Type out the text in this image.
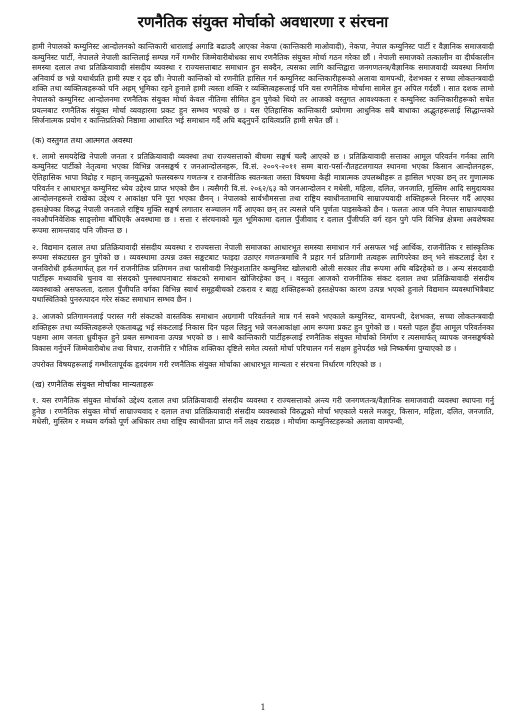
रणनैतिक संयुक्त मोर्चाको अवधारणा र संरचना

हामी नेपालको कम्युनिस्ट आन्दोलनको कान्तिकारी धारालाई अगाडि बढाउदै आएका नेकपा (कान्तिकारी माओवादी), नेकपा, नेपाल कम्युनिस्ट पार्टी र वैज्ञानिक समाजवादी कम्युनिस्ट पार्टी, नेपालले नेपाली कान्तिलाई सम्पन्न गर्ने गम्भीर जिम्मेवारीबोधका साथ रणनैतिक संयुक्त मोर्चा गठन गरेका छौं । नेपाली समाजको तत्कालीन वा दीर्घकालीन समस्या दलाल तथा प्रतिक्रियावादी संसदीय व्यवस्था र राज्यसत्ताबाट समाधान हुन सक्दैन, त्यसका लागि कान्तिद्वारा जनगणतन्त्र/वैज्ञानिक समाजवादी व्यवस्था निर्माण अनिवार्य छ भन्ने यथार्थप्रति हामी स्पष्ट र दृढ छौं। नेपाली कान्तिको यो रणनीति हासिल गर्न कम्युनिस्ट कान्तिकारीहरूको अलावा वामपन्थी, देशभक्त र सच्चा लोकतन्त्रवादी शक्ति तथा व्यक्तित्वहरूको पनि अहम् भूमिका रहने हुनाले हामी त्यस्ता शक्ति र व्यक्तित्वहरूलाई पनि यस रणनैतिक मोर्चामा सामेल हुन अपिल गर्दछौं । सात दशक लामो नेपालको कम्युनिस्ट आन्दोलनमा रणनैतिक संयुक्त मोर्चा केवल नीतिमा सीमित हुन पुगेको थियो तर आजको वस्तुगत आवश्यकता र कम्युनिस्ट कान्तिकारीहरूको सचेत प्रयत्नबाट रणनैतिक संयुक्त मोर्चा व्यवहारमा प्रकट हुन सम्भव भएको छ । यस ऐतिहासिक कान्तिकारी प्रयोगमा आधुनिक सबै बाधाका अद्भुतहरूलाई सिद्धान्तको सिर्जनात्मक प्रयोग र कान्तिप्रतिको निष्ठामा आधारित भई समाधान गर्दै अघि बढ्नुपर्ने दायित्वप्रति हामी सचेत छौं ।

(क) वस्तुगत तथा आत्मगत अवस्था

१. लामो समयदेखि नेपाली जनता र प्रतिक्रियावादी व्यवस्था तथा राज्यसत्ताको बीचमा सङ्घर्ष चल्दै आएको छ । प्रतिक्रियावादी सत्ताका आमूल परिवर्तन गर्नका लागि कम्युनिस्ट पार्टीको नेतृत्वमा भएका विभिन्न जनसङ्घर्ष र जनआन्दोलनहरू, वि.सं. २००९-२०११ सम्म बारा-पर्सा-रौतहटलगायत स्थानमा भएका किसान आन्दोलनहरू, ऐतिहासिक भापा विद्रोह र महान् जनयुद्धको फलस्वरूप गणतन्त्र र राजनीतिक स्वतन्त्रता जस्ता विषयमा केही मात्रात्मक उपलब्धीहरू त हासिल भएका छन् तर गुणात्मक परिवर्तन र आधारभूत कम्युनिस्ट ध्येय उद्देश्य प्राप्त भएको छैन । त्यसैगरी वि.सं. २०६२/६३ को जनआन्दोलन र मधेसी, महिला, दलित, जनजाति, मुस्लिम आदि समुदायका आन्दोलनहरूले राखेका उद्देश्य र आकांक्षा पनि पूरा भएका छैनन् । नेपालको सार्वभौमसत्ता तथा राष्ट्रिय स्वाधीनतामाथि साम्राज्यवादी शक्तिहरूले निरन्तर गर्दै आएका हस्तक्षेपका विरुद्ध नेपाली जनताले राष्ट्रिय मुक्ति सङ्घर्ष लगातार सञ्चालन गर्दै आएका छन् तर त्यसले पनि पूर्णता पाइसकेको छैन । फलतः आज पनि नेपाल साम्राज्यवादी नवऔपनिवेशिक साङ्लोमा बाँधिएकै अवस्थामा छ । सत्ता र संरचनाको मूल भूमिकामा दलाल पुँजीवाद र दलाल पुँजीपति वर्ग रहन पुगे पनि विभिन्न क्षेत्रमा अवशेषका रूपमा सामन्तवाद पनि जीवन्त छ ।

२. विद्यमान दलाल तथा प्रतिक्रियावादी संसदीय व्यवस्था र राज्यसत्ता नेपाली समाजका आधारभूत समस्या समाधान गर्न असफल भई आर्थिक, राजनीतिक र सांस्कृतिक रूपमा संकटग्रस्त हुन पुगेको छ । व्यवस्थामा उत्पन्न उक्त सङ्कटबाट फाइदा उठाएर गणतन्त्रमाथि नै प्रहार गर्न प्रतिगामी तत्वहरू लागिपरेका छन् भने संकटलाई देश र जनविरोधी हर्कतमार्फत् हल गर्न राजनीतिक प्रतिगमन तथा फासीवादी निरंकुशतातिर कम्युनिस्ट खोलधारी ओली सरकार तीव्र रूपमा अघि बढिरहेको छ । अन्य संसदवादी पार्टीहरू मध्यावधि चुनाव वा संसदको पुनस्थापनाबाट संकटको समाधान खोजिरहेका छन् । वस्तुतः आजको राजनीतिक संकट दलाल तथा प्रतिक्रियावादी संसदीय व्यवस्थाको असफलता, दलाल पुँजीपति वर्गका विभिन्न स्वार्थ समूहबीचको टकराव र बाह्य शक्तिहरूको हस्तक्षेपका कारण उत्पन्न भएको हुनाले विद्यमान व्यवस्थाभित्रैबाट यथास्थितिको पुनरुत्पादन गरेर संकट समाधान सम्भव छैन ।

३. आजको प्रतिगामनलाई परास्त गरी संकटको वास्तविक समाधान अग्रगामी परिवर्तनले मात्र गर्न सक्ने भएकाले कम्युनिस्ट, वामपन्थी, देशभक्त, सच्चा लोकतन्त्रवादी शक्तिहरू तथा व्यक्तित्वहरूले एकताबद्ध भई संकटलाई निकास दिन पहल लिइनु भन्ने जनआकांक्षा आम रूपमा प्रकट हुन पुगेको छ । यस्तो पहल हुँदा आमूल परिवर्तनका पक्षमा आम जनता ध्रुवीकृत हुने प्रबल सम्भावना उत्पन्न भएको छ । साथै कान्तिकारी पार्टीहरूलाई रणनैतिक संयुक्त मोर्चाको निर्माण र त्यसमार्फत् व्यापक जनसङ्घर्षको विकास गर्नुपर्ने जिम्मेवारीबोध तथा विचार, राजनीति र भौतिक शक्तिका दृष्टिले समेत त्यस्तो मोर्चा परिचालन गर्न सक्षम हुनेपर्दछ भन्ने निष्कर्षमा पुग्याएको छ ।

उपरोक्त विषयहरूलाई गम्भीरतापूर्वक हृदयंगम गरी रणनैतिक संयुक्त मोर्चाका आधारभूत मान्यता र संरचना निर्धारण गरिएको छ ।

(ख) रणनैतिक संयुक्त मोर्चाका मान्यताहरू

१. यस रणनैतिक संयुक्त मोर्चाको उद्देश्य दलाल तथा प्रतिक्रियावादी संसदीय व्यवस्था र राज्यसत्ताको अन्त्य गरी जनगणतन्त्र/वैज्ञानिक समाजवादी व्यवस्था स्थापना गर्नु हुनेछ । रणनैतिक संयुक्त मोर्चा साम्राज्यवाद र दलाल तथा प्रतिक्रियावादी संसदीय व्यवस्थाको विरुद्धको मोर्चा भएकाले यसले मजदुर, किसान, महिला, दलित, जनजाति, मधेसी, मुस्लिम र मध्यम वर्गको पूर्ण अधिकार तथा राष्ट्रिय स्वाधीनता प्राप्त गर्ने लक्ष्य राख्दछ । मोर्चामा कम्युनिस्टहरूको अलावा वामपन्थी,

1
